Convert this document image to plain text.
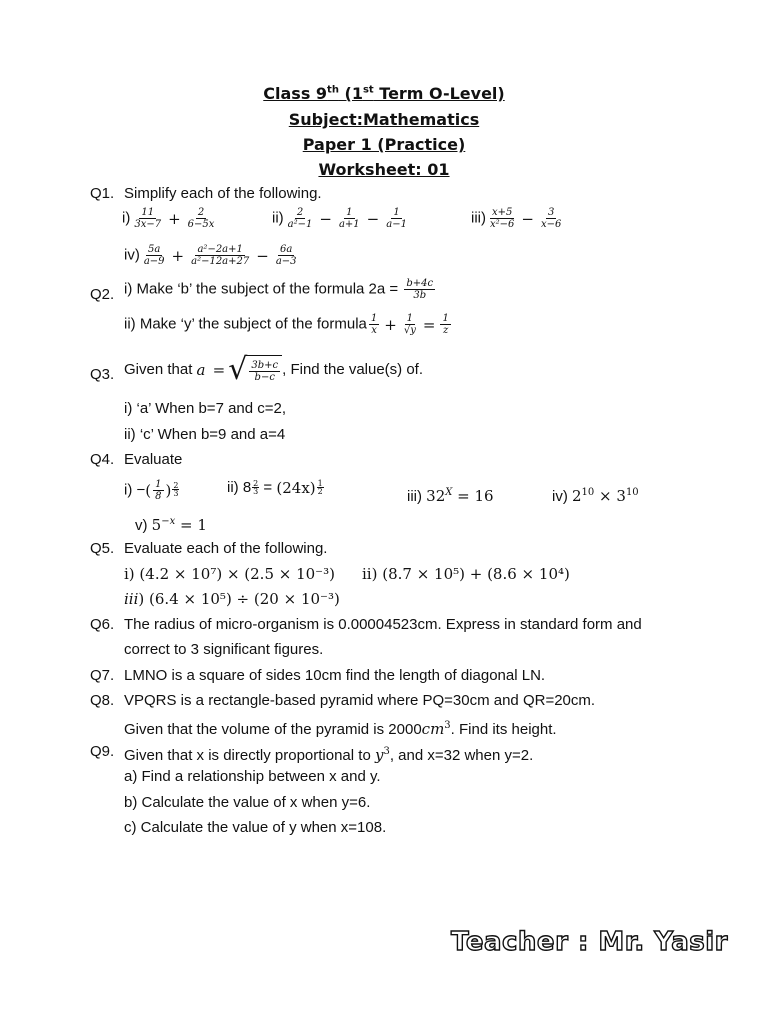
Class 9th (1st Term O-Level)
Subject:Mathematics
Paper 1 (Practice)
Worksheet: 01
Q1. Simplify each of the following.
$i) \frac{11}{3x-7} + \frac{2}{6-5x}$	$ii) \frac{2}{\text{a²−1}} - \frac{1}{a+1} - \frac{1}{a-1}$	$iii) \frac{x+5}{\text{x²−6}} - \frac{3}{x-6}$
$iv) \frac{5a}{a-9} + \frac{\text{a²−2a+1}}{\text{a²−12a+27}} - \frac{6a}{a-3}$
Q2. i) Make ‘b’ the subject of the formula $2a = \frac{b+4c}{3b}$
ii) Make ‘y’ the subject of the formula $\frac{1}{x} + \frac{1}{√y} = \frac{1}{z}$
Q3. Given that a = √ $\frac{3b+c}{b-c}$ , Find the value(s) of.
i) ‘a’ When b=7 and c=2,
ii) ‘c’ When b=9 and a=4
Q4. Evaluate
i) −( $\frac{1}{8}$ ) $\frac{2}{3}$	ii) $8 \frac{2}{3} = (24x) \frac{1}{2}$
iii) $32^X = 16$	iv) $2^{10} \times 3^{10}$
v) $5^{-x} = 1$
Q5. Evaluate each of the following.
i) (4.2 × 10⁷) × (2.5 × 10⁻³) ii) (8.7 × 10⁵) + (8.6 × 10⁴)
iii) (6.4 × 10⁵) ÷ (20 × 10⁻³)
Q6. The radius of micro-organism is 0.00004523cm. Express in standard form and
correct to 3 significant figures.
Q7. LMNO is a square of sides 10cm find the length of diagonal LN.
Q8. VPQRS is a rectangle-based pyramid where PQ=30cm and QR=20cm.
Given that the volume of the pyramid is $2000cm^3$. Find its height.
Q9. Given that x is directly proportional to $y^3$, and x=32 when y=2.
a) Find a relationship between x and y.
b) Calculate the value of x when y=6.
c) Calculate the value of y when x=108.
Teacher : Mr. Yasir
